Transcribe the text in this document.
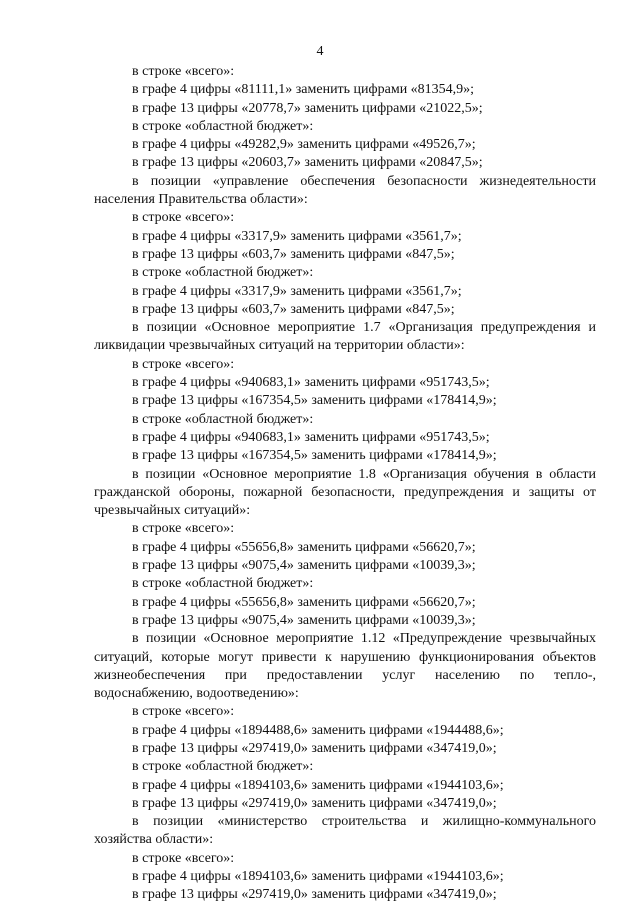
4

в строке «всего»:

в графе 4 цифры «81111,1» заменить цифрами «81354,9»;

в графе 13 цифры «20778,7» заменить цифрами «21022,5»;

в строке «областной бюджет»:

в графе 4 цифры «49282,9» заменить цифрами «49526,7»;

в графе 13 цифры «20603,7» заменить цифрами «20847,5»;

в позиции «управление обеспечения безопасности жизнедеятельности населения Правительства области»:

в строке «всего»:

в графе 4 цифры «3317,9» заменить цифрами «3561,7»;

в графе 13 цифры «603,7» заменить цифрами «847,5»;

в строке «областной бюджет»:

в графе 4 цифры «3317,9» заменить цифрами «3561,7»;

в графе 13 цифры «603,7» заменить цифрами «847,5»;

в позиции «Основное мероприятие 1.7 «Организация предупреждения и ликвидации чрезвычайных ситуаций на территории области»:

в строке «всего»:

в графе 4 цифры «940683,1» заменить цифрами «951743,5»;

в графе 13 цифры «167354,5» заменить цифрами «178414,9»;

в строке «областной бюджет»:

в графе 4 цифры «940683,1» заменить цифрами «951743,5»;

в графе 13 цифры «167354,5» заменить цифрами «178414,9»;

в позиции «Основное мероприятие 1.8 «Организация обучения в области гражданской обороны, пожарной безопасности, предупреждения и защиты от чрезвычайных ситуаций»:

в строке «всего»:

в графе 4 цифры «55656,8» заменить цифрами «56620,7»;

в графе 13 цифры «9075,4» заменить цифрами «10039,3»;

в строке «областной бюджет»:

в графе 4 цифры «55656,8» заменить цифрами «56620,7»;

в графе 13 цифры «9075,4» заменить цифрами «10039,3»;

в позиции «Основное мероприятие 1.12 «Предупреждение чрезвычайных ситуаций, которые могут привести к нарушению функционирования объектов жизнеобеспечения при предоставлении услуг населению по тепло-, водоснабжению, водоотведению»:

в строке «всего»:

в графе 4 цифры «1894488,6» заменить цифрами «1944488,6»;

в графе 13 цифры «297419,0» заменить цифрами «347419,0»;

в строке «областной бюджет»:

в графе 4 цифры «1894103,6» заменить цифрами «1944103,6»;

в графе 13 цифры «297419,0» заменить цифрами «347419,0»;

в позиции «министерство строительства и жилищно-коммунального хозяйства области»:

в строке «всего»:

в графе 4 цифры «1894103,6» заменить цифрами «1944103,6»;

в графе 13 цифры «297419,0» заменить цифрами «347419,0»;
